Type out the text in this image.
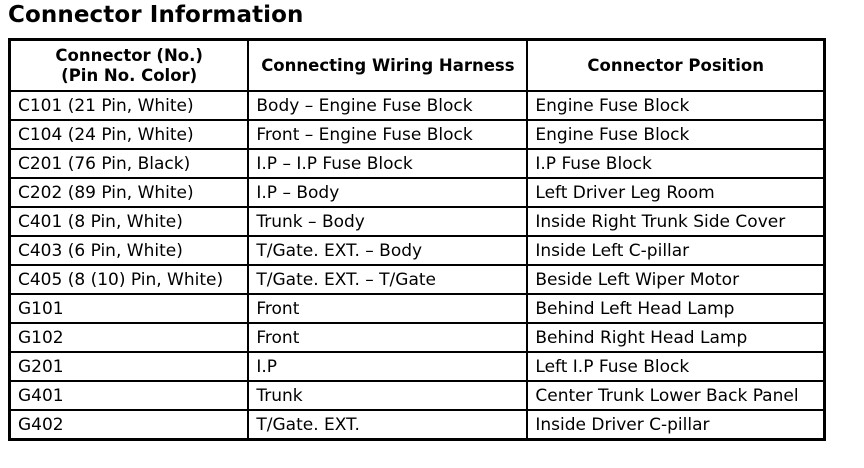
Connector Information
Connector (No.)
(Pin No. Color)	Connecting Wiring Harness	Connector Position
C101 (21 Pin, White)	Body – Engine Fuse Block	Engine Fuse Block
C104 (24 Pin, White)	Front – Engine Fuse Block	Engine Fuse Block
C201 (76 Pin, Black)	I.P – I.P Fuse Block	I.P Fuse Block
C202 (89 Pin, White)	I.P – Body	Left Driver Leg Room
C401 (8 Pin, White)	Trunk – Body	Inside Right Trunk Side Cover
C403 (6 Pin, White)	T/Gate. EXT. – Body	Inside Left C-pillar
C405 (8 (10) Pin, White)	T/Gate. EXT. – T/Gate	Beside Left Wiper Motor
G101	Front	Behind Left Head Lamp
G102	Front	Behind Right Head Lamp
G201	I.P	Left I.P Fuse Block
G401	Trunk	Center Trunk Lower Back Panel
G402	T/Gate. EXT.	Inside Driver C-pillar
